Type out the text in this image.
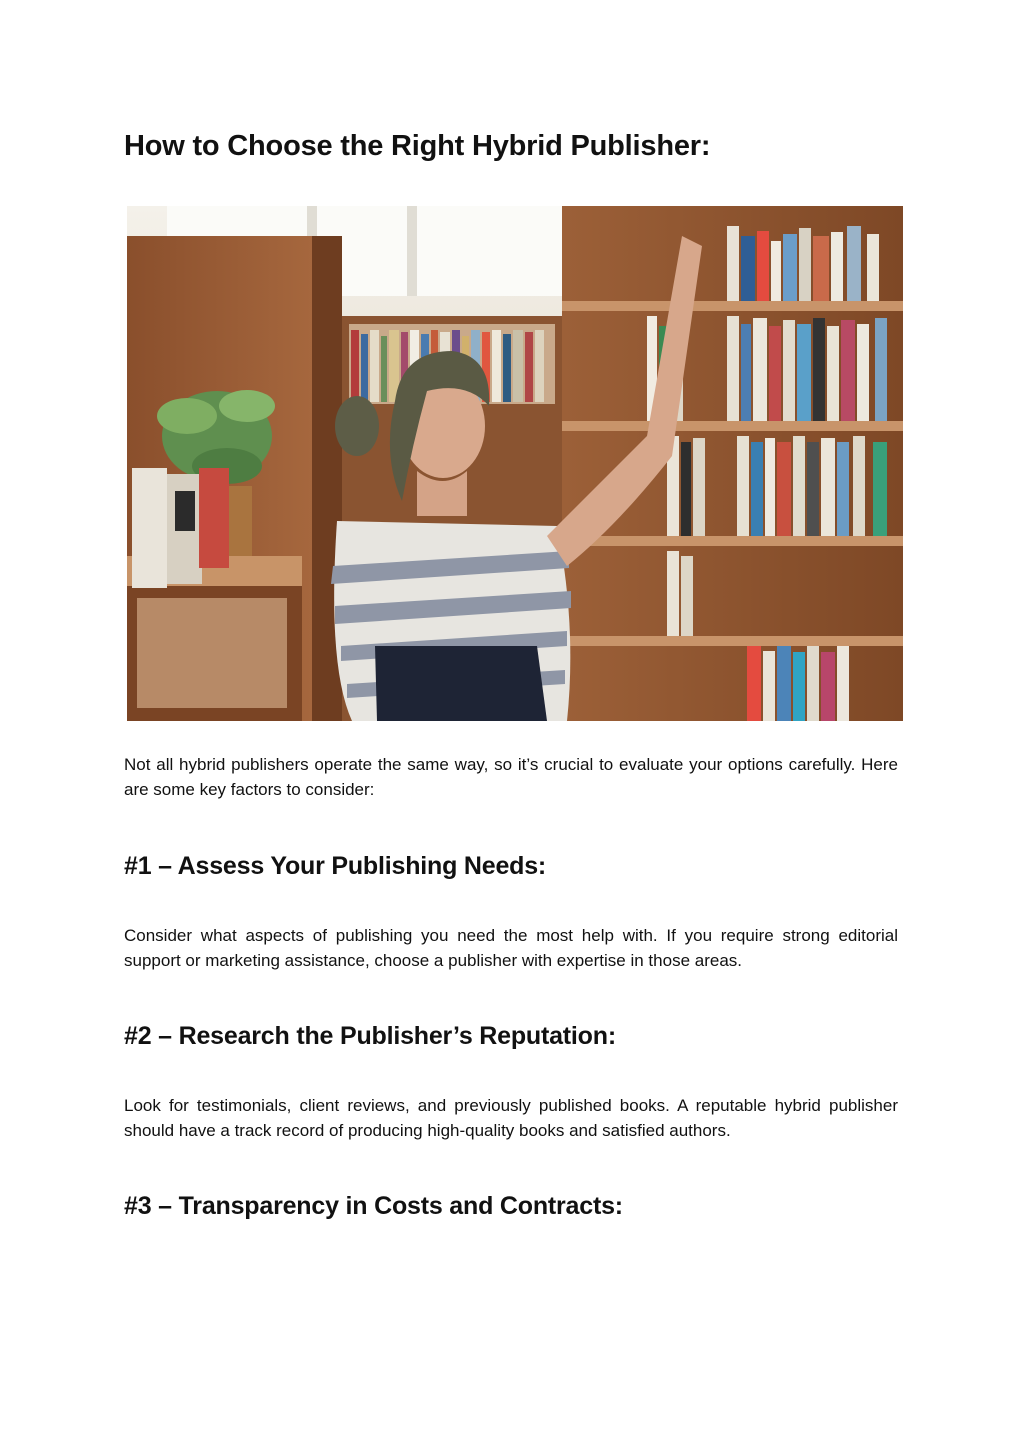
How to Choose the Right Hybrid Publisher:

Not all hybrid publishers operate the same way, so it’s crucial to evaluate your options carefully. Here are some key factors to consider:

#1 – Assess Your Publishing Needs:

Consider what aspects of publishing you need the most help with. If you require strong editorial support or marketing assistance, choose a publisher with expertise in those areas.

#2 – Research the Publisher’s Reputation:

Look for testimonials, client reviews, and previously published books. A reputable hybrid publisher should have a track record of producing high-quality books and satisfied authors.

#3 – Transparency in Costs and Contracts:
